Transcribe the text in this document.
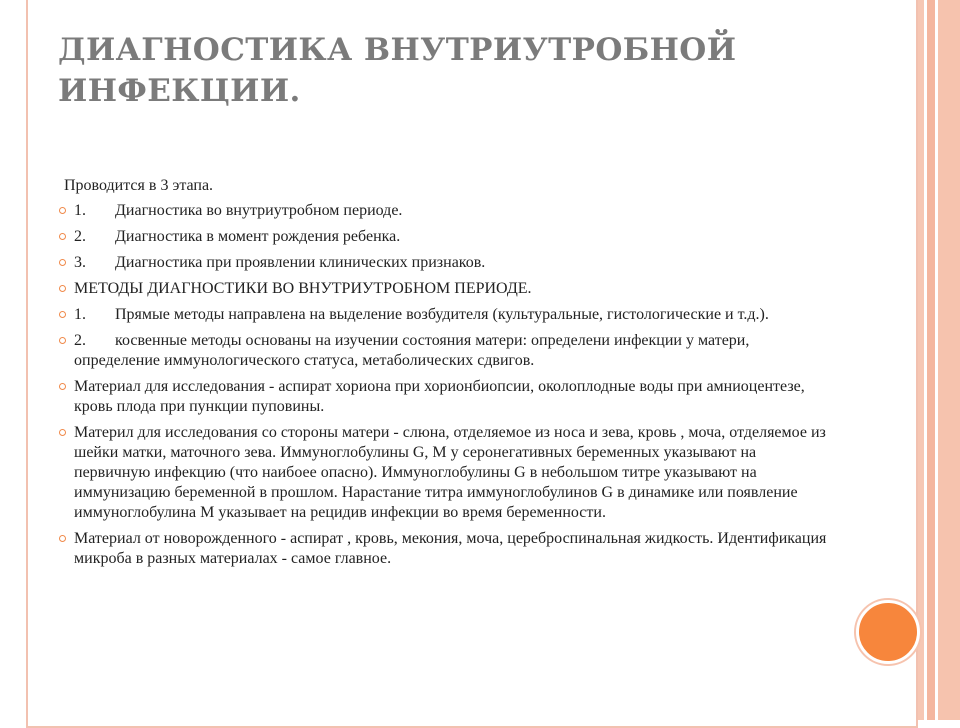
ДИАГНОСТИКА ВНУТРИУТРОБНОЙ
ИНФЕКЦИИ.
Проводится в 3 этапа.
1. Диагностика во внутриутробном периоде.
2. Диагностика в момент рождения ребенка.
3. Диагностика при проявлении клинических признаков.
МЕТОДЫ ДИАГНОСТИКИ ВО ВНУТРИУТРОБНОМ ПЕРИОДЕ.
1. Прямые методы направлена на выделение возбудителя (культуральные, гистологические и т.д.).
2. косвенные методы основаны на изучении состояния матери: определени инфекции у матери, определение иммунологического статуса, метаболических сдвигов.
Материал для исследования - аспират хориона при хорионбиопсии, околоплодные воды при амниоцентезе, кровь плода при пункции пуповины.
Материл для исследования со стороны матери - слюна, отделяемое из носа и зева, кровь , моча, отделяемое из шейки матки, маточного зева. Иммуноглобулины G, M у серонегативных беременных указывают на первичную инфекцию (что наибоее опасно). Иммуноглобулины G в небольшом титре указывают на иммунизацию беременной в прошлом. Нарастание титра иммуноглобулинов G в динамике или появление иммуноглобулина М указывает на рецидив инфекции во время беременности.
Материал от новорожденного - аспират , кровь, мекония, моча, цереброспинальная жидкость. Идентификация микроба в разных материалах - самое главное.
